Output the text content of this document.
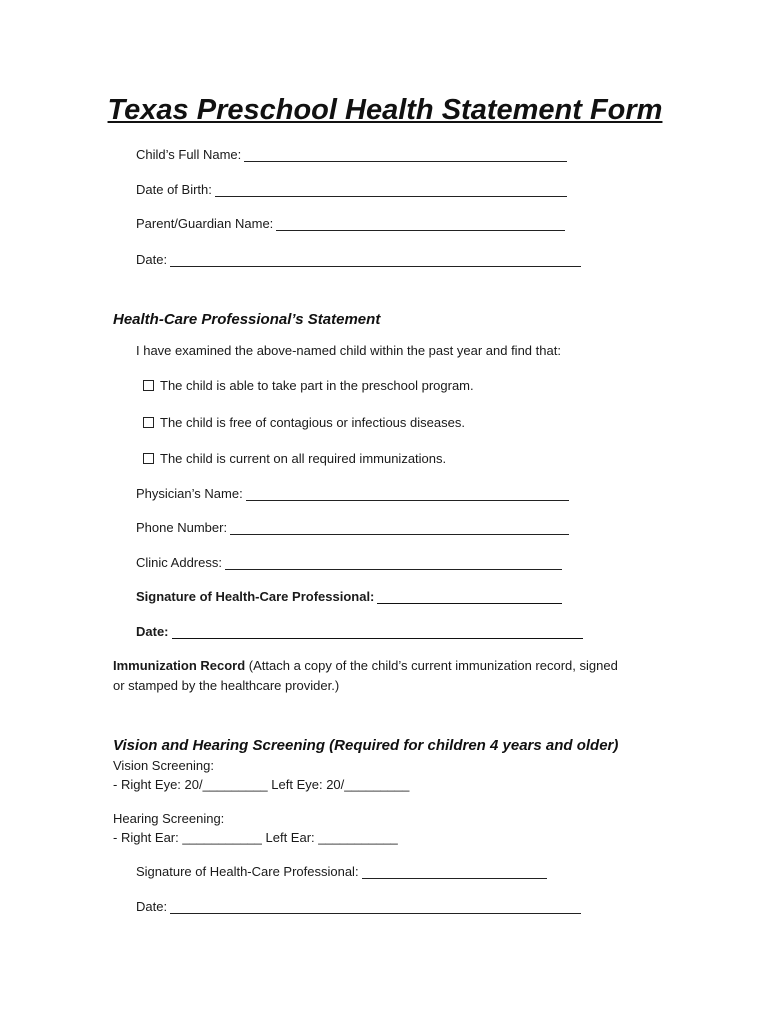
Texas Preschool Health Statement Form
Child’s Full Name:
Date of Birth:
Parent/Guardian Name:
Date:
Health-Care Professional’s Statement
I have examined the above-named child within the past year and find that:
The child is able to take part in the preschool program.
The child is free of contagious or infectious diseases.
The child is current on all required immunizations.
Physician’s Name:
Phone Number:
Clinic Address:
Signature of Health-Care Professional:
Date:
Immunization Record (Attach a copy of the child’s current immunization record, signed
or stamped by the healthcare provider.)
Vision and Hearing Screening (Required for children 4 years and older)
Vision Screening:
- Right Eye: 20/_________ Left Eye: 20/_________
Hearing Screening:
- Right Ear: ___________ Left Ear: ___________
Signature of Health-Care Professional:
Date:
